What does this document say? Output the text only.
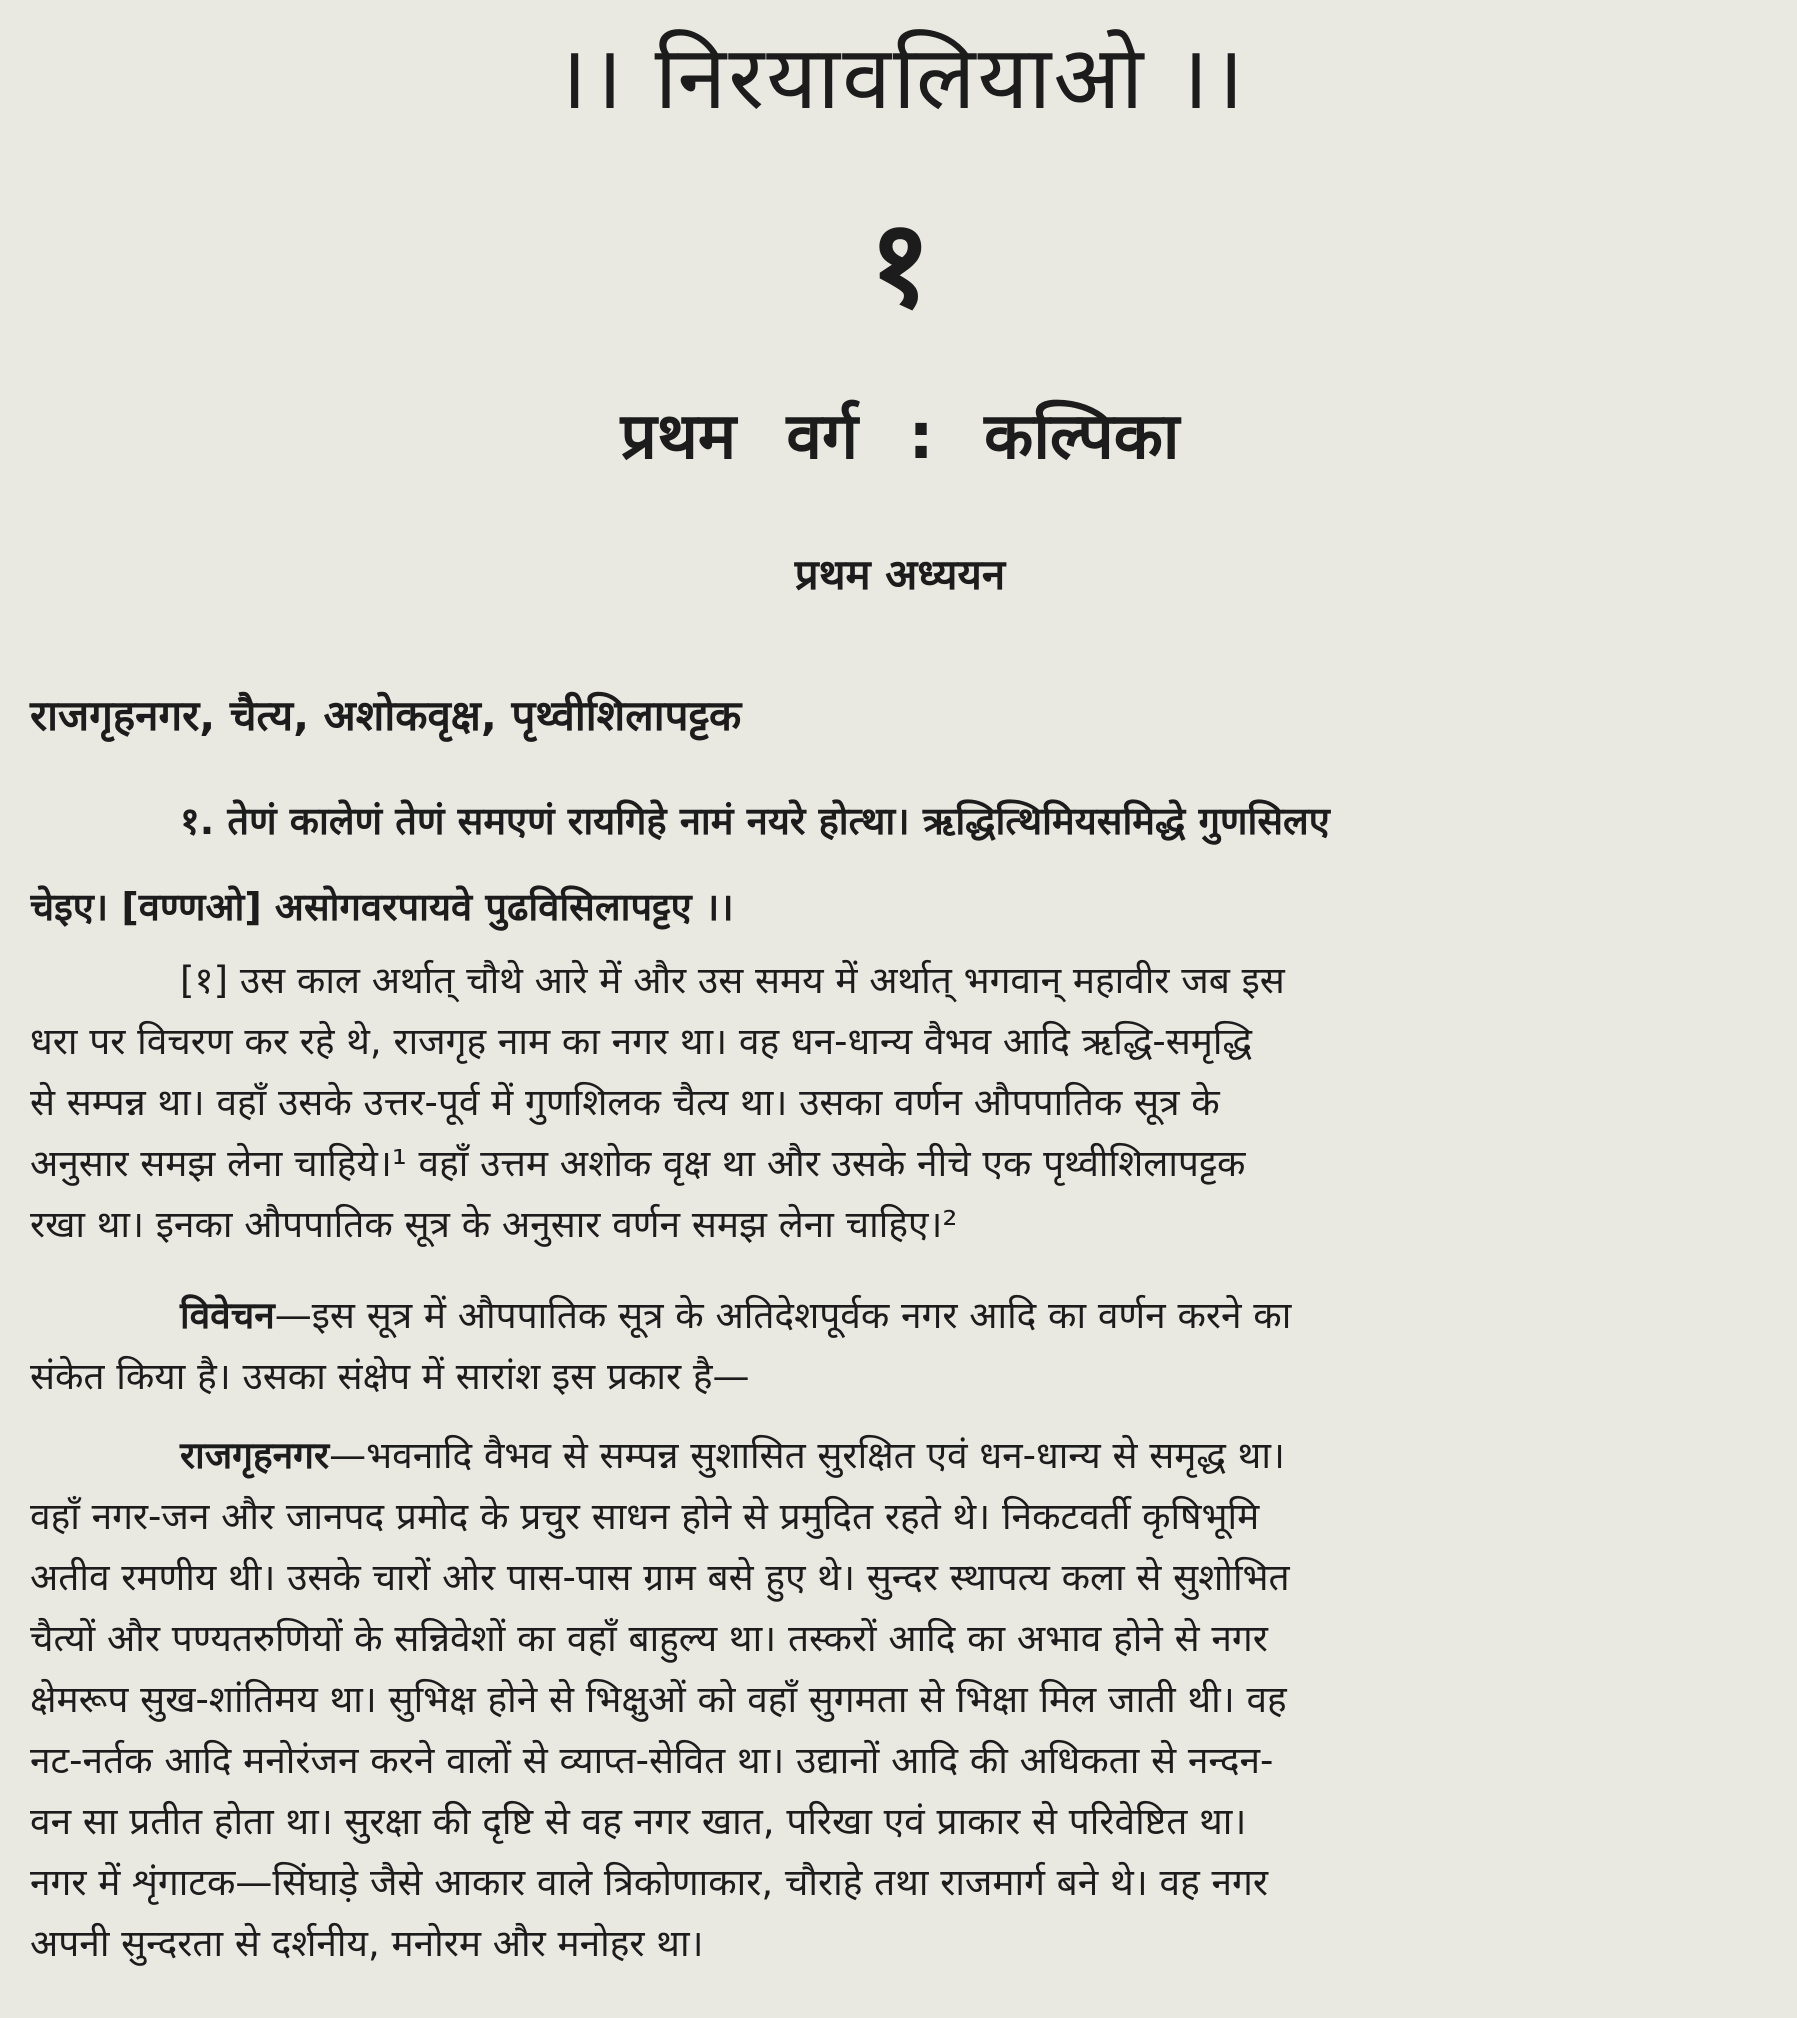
।। निरयावलियाओ ।।
१
प्रथम वर्ग : कल्पिका
प्रथम अध्ययन
राजगृहनगर, चैत्य, अशोकवृक्ष, पृथ्वीशिलापट्टक
१. तेणं कालेणं तेणं समएणं रायगिहे नामं नयरे होत्था। ऋद्धित्थिमियसमिद्धे गुणसिलए
चेइए। [वण्णओ] असोगवरपायवे पुढविसिलापट्टए ।।
[१] उस काल अर्थात् चौथे आरे में और उस समय में अर्थात् भगवान् महावीर जब इस
धरा पर विचरण कर रहे थे, राजगृह नाम का नगर था। वह धन-धान्य वैभव आदि ऋद्धि-समृद्धि
से सम्पन्न था। वहाँ उसके उत्तर-पूर्व में गुणशिलक चैत्य था। उसका वर्णन औपपातिक सूत्र के
अनुसार समझ लेना चाहिये।¹ वहाँ उत्तम अशोक वृक्ष था और उसके नीचे एक पृथ्वीशिलापट्टक
रखा था। इनका औपपातिक सूत्र के अनुसार वर्णन समझ लेना चाहिए।²
विवेचन—इस सूत्र में औपपातिक सूत्र के अतिदेशपूर्वक नगर आदि का वर्णन करने का
संकेत किया है। उसका संक्षेप में सारांश इस प्रकार है—
राजगृहनगर—भवनादि वैभव से सम्पन्न सुशासित सुरक्षित एवं धन-धान्य से समृद्ध था।
वहाँ नगर-जन और जानपद प्रमोद के प्रचुर साधन होने से प्रमुदित रहते थे। निकटवर्ती कृषिभूमि
अतीव रमणीय थी। उसके चारों ओर पास-पास ग्राम बसे हुए थे। सुन्दर स्थापत्य कला से सुशोभित
चैत्यों और पण्यतरुणियों के सन्निवेशों का वहाँ बाहुल्य था। तस्करों आदि का अभाव होने से नगर
क्षेमरूप सुख-शांतिमय था। सुभिक्ष होने से भिक्षुओं को वहाँ सुगमता से भिक्षा मिल जाती थी। वह
नट-नर्तक आदि मनोरंजन करने वालों से व्याप्त-सेवित था। उद्यानों आदि की अधिकता से नन्दन-
वन सा प्रतीत होता था। सुरक्षा की दृष्टि से वह नगर खात, परिखा एवं प्राकार से परिवेष्टित था।
नगर में शृंगाटक—सिंघाड़े जैसे आकार वाले त्रिकोणाकार, चौराहे तथा राजमार्ग बने थे। वह नगर
अपनी सुन्दरता से दर्शनीय, मनोरम और मनोहर था।
